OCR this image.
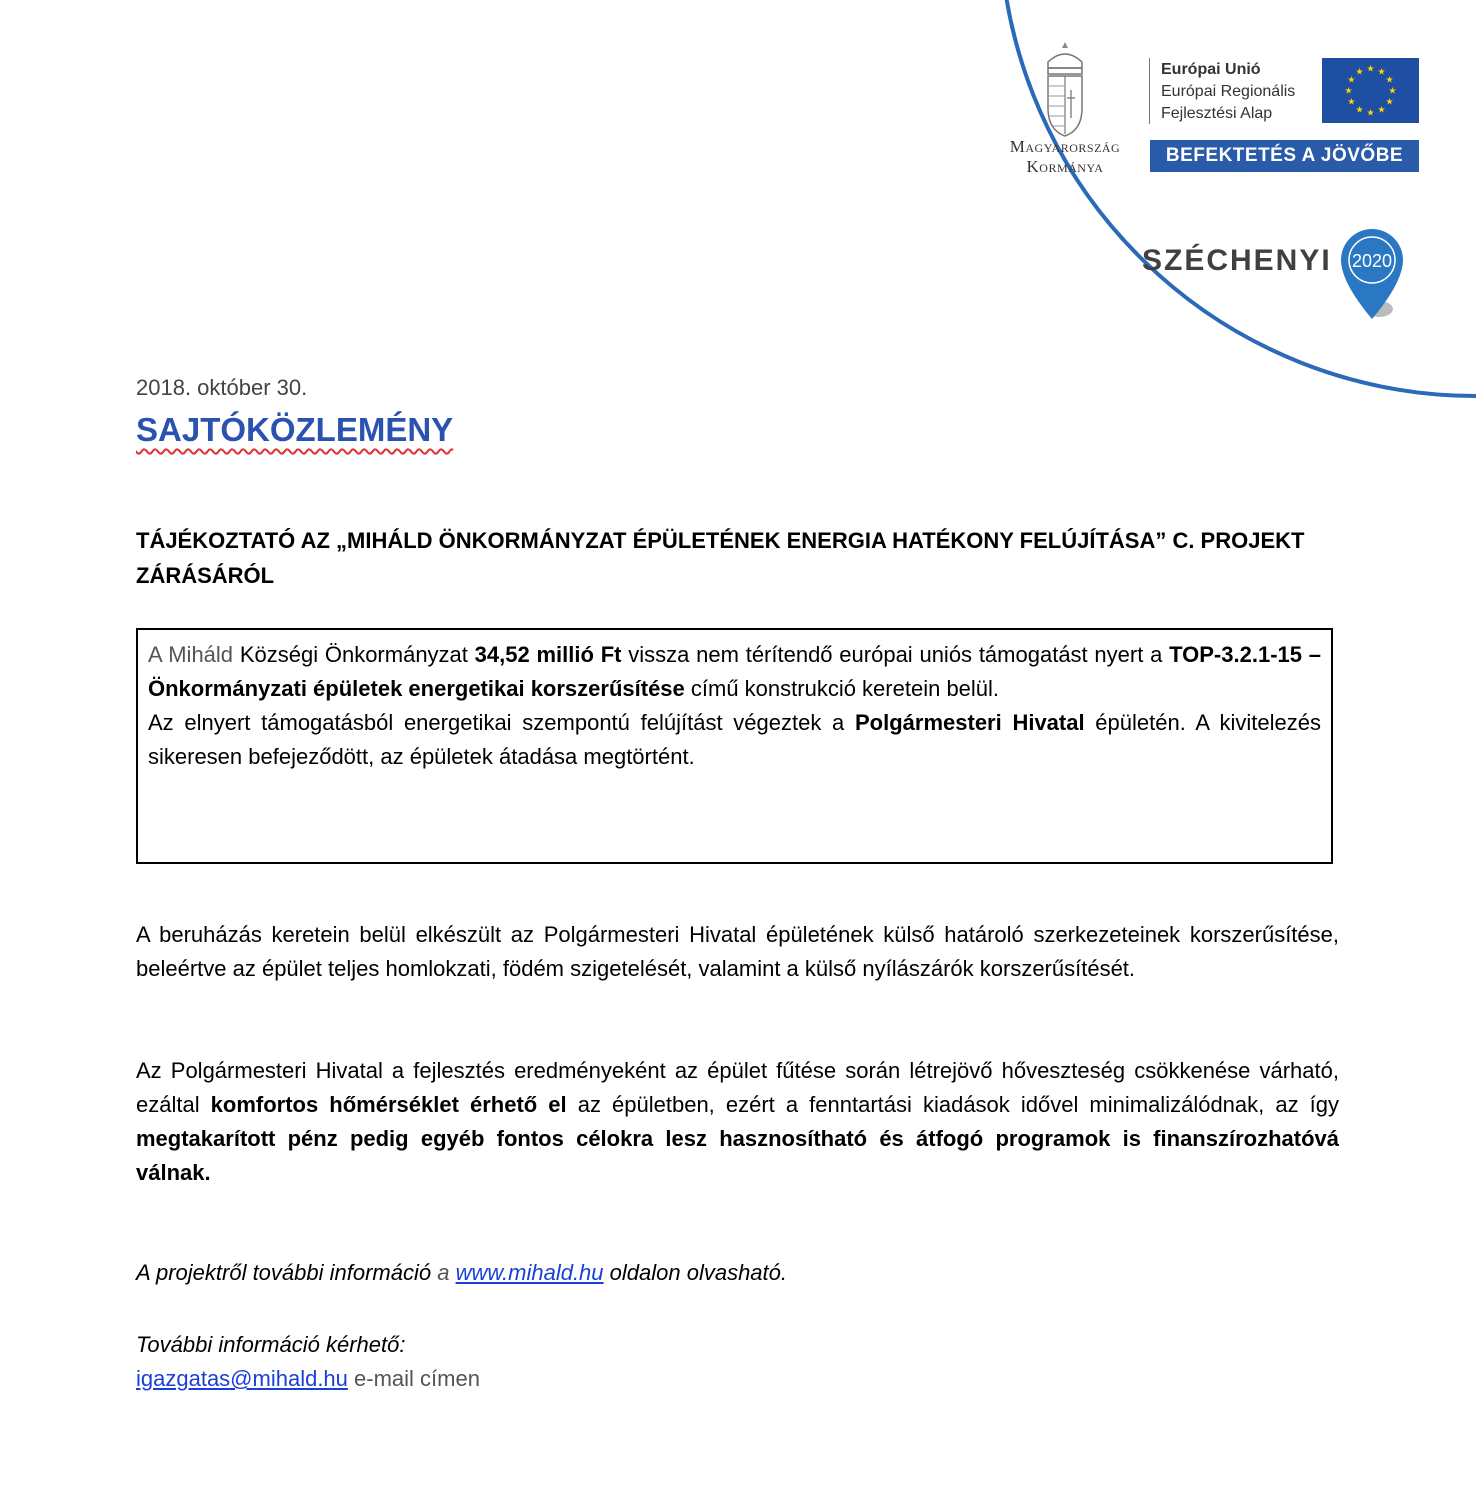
Magyarország
Kormánya
Európai Unió
Európai Regionális
Fejlesztési Alap
★
★
★
★
★
★
★
★
★ ★ ★
★
BEFEKTETÉS A JÖVŐBE
SZÉCHENYI 2020
2018. október 30.
SAJTÓKÖZLEMÉNY
TÁJÉKOZTATÓ AZ „MIHÁLD ÖNKORMÁNYZAT ÉPÜLETÉNEK ENERGIA HATÉKONY FELÚJÍTÁSA” C. PROJEKT ZÁRÁSÁRÓL

A Miháld Községi Önkormányzat 34,52 millió Ft vissza nem térítendő európai uniós támogatást nyert a TOP-3.2.1-15 – Önkormányzati épületek energetikai korszerűsítése című konstrukció keretein belül.

Az elnyert támogatásból energetikai szempontú felújítást végeztek a Polgármesteri Hivatal épületén. A kivitelezés sikeresen befejeződött, az épületek átadása megtörtént.

A beruházás keretein belül elkészült az Polgármesteri Hivatal épületének külső határoló szerkezeteinek korszerűsítése, beleértve az épület teljes homlokzati, födém szigetelését, valamint a külső nyílászárók korszerűsítését.

Az Polgármesteri Hivatal a fejlesztés eredményeként az épület fűtése során létrejövő hőveszteség csökkenése várható, ezáltal komfortos hőmérséklet érhető el az épületben, ezért a fenntartási kiadások idővel minimalizálódnak, az így megtakarított pénz pedig egyéb fontos célokra lesz hasznosítható és átfogó programok is finanszírozhatóvá válnak.

A projektről további információ a www.mihald.hu oldalon olvasható.
További információ kérhető:
igazgatas@mihald.hu e-mail címen
